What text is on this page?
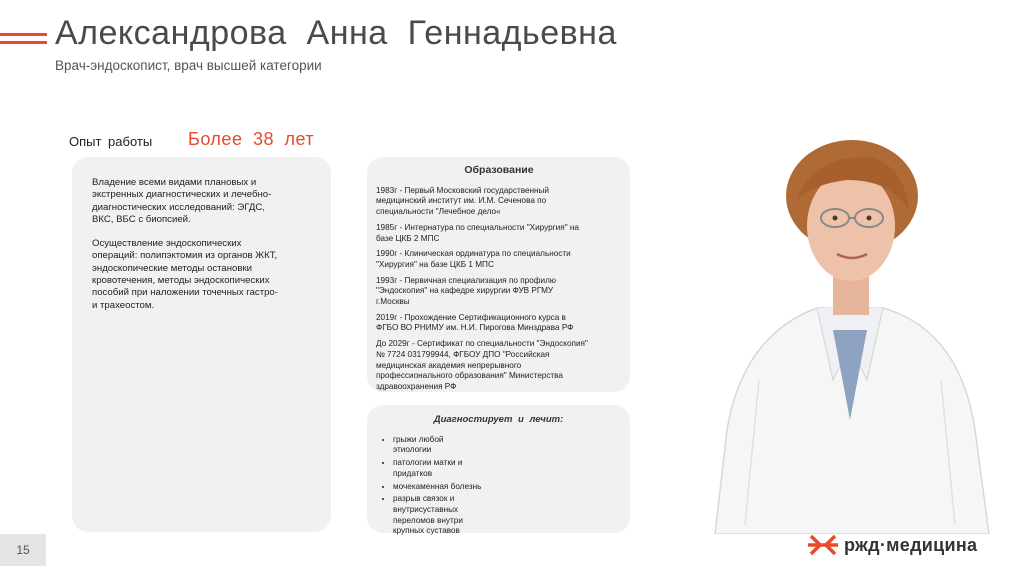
Александрова Анна Геннадьевна
Врач-эндоскопист, врач высшей категории
Опыт работы Более 38 лет

Владение всеми видами плановых и
экстренных диагностических и лечебно-
диагностических исследований: ЭГДС,
ВКС, ВБС с биопсией.

Осуществление эндоскопических
операций: полипэктомия из органов ЖКТ,
эндоскопические методы остановки
кровотечения, методы эндоскопических
пособий при наложении точечных гастро-
и трахеостом.

Образование
1983г - Первый Московский государственный
медицинский институт им. И.М. Сеченова по
специальности "Лечебное дело«
1985г - Интернатура по специальности "Хирургия" на
базе ЦКБ 2 МПС
1990г - Клиническая ординатура по специальности
"Хирургия" на базе ЦКБ 1 МПС
1993г - Первичная специализация по профилю
"Эндоскопия" на кафедре хирургии ФУВ РГМУ
г.Москвы
2019г - Прохождение Сертификационного курса в
ФГБО ВО РНИМУ им. Н.И. Пирогова Минздрава РФ
До 2029г - Сертификат по специальности "Эндоскопия"
№ 7724 031799944, ФГБОУ ДПО "Российская
медицинская академия непрерывного
профессионального образования" Министерства
здравоохранения РФ
Диагностирует и лечит:
• грыжи любой
этиологии
• патологии матки и
придатков
• мочекаменная болезнь
• разрыв связок и
внутрисуставных
переломов внутри
крупных суставов
15	ржд·медицина
